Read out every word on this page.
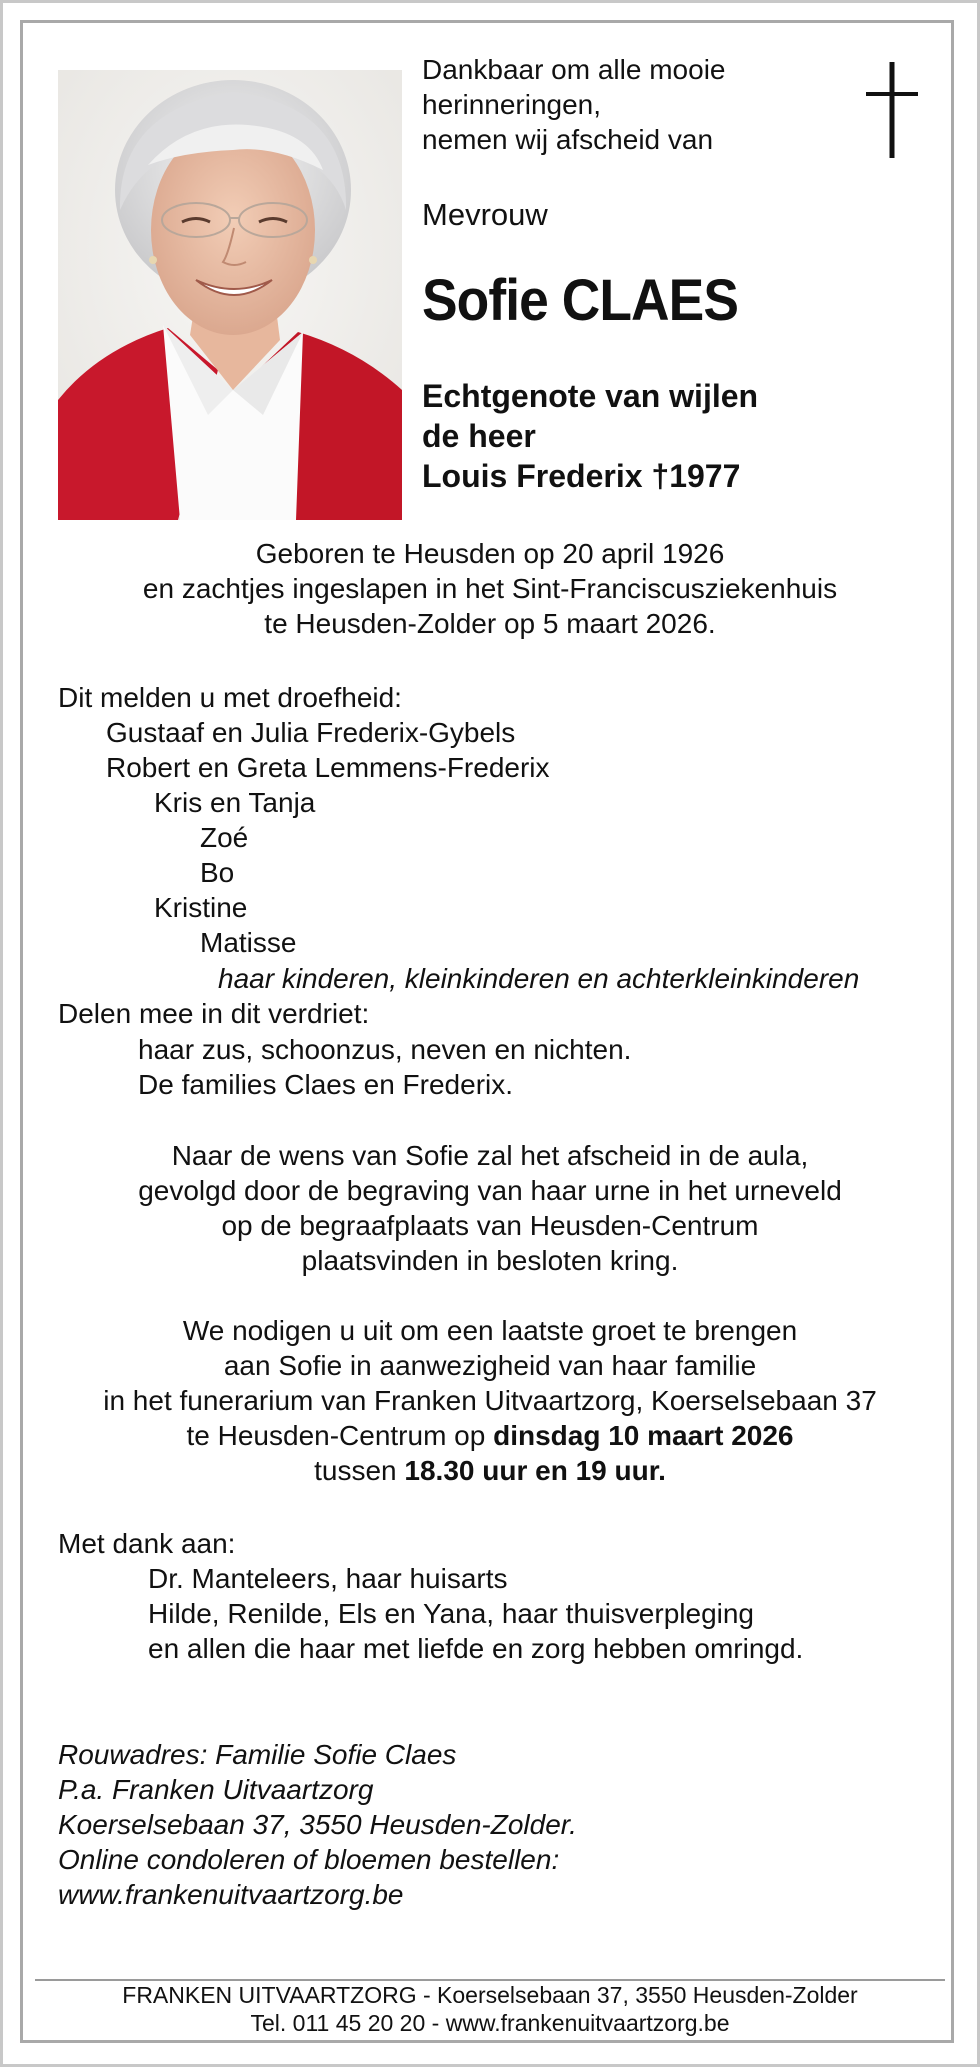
Dankbaar om alle mooie
herinneringen,
nemen wij afscheid van
Mevrouw
Sofie CLAES
Echtgenote van wijlen
de heer
Louis Frederix †1977
Geboren te Heusden op 20 april 1926
en zachtjes ingeslapen in het Sint-Franciscusziekenhuis
te Heusden-Zolder op 5 maart 2026.
Dit melden u met droefheid:
Gustaaf en Julia Frederix-Gybels
Robert en Greta Lemmens-Frederix
Kris en Tanja
Zoé
Bo
Kristine
Matisse
haar kinderen, kleinkinderen en achterkleinkinderen
Delen mee in dit verdriet:
haar zus, schoonzus, neven en nichten.
De families Claes en Frederix.
Naar de wens van Sofie zal het afscheid in de aula,
gevolgd door de begraving van haar urne in het urneveld
op de begraafplaats van Heusden-Centrum
plaatsvinden in besloten kring.
We nodigen u uit om een laatste groet te brengen
aan Sofie in aanwezigheid van haar familie
in het funerarium van Franken Uitvaartzorg, Koerselsebaan 37
te Heusden-Centrum op dinsdag 10 maart 2026
tussen 18.30 uur en 19 uur.
Met dank aan:
Dr. Manteleers, haar huisarts
Hilde, Renilde, Els en Yana, haar thuisverpleging
en allen die haar met liefde en zorg hebben omringd.
Rouwadres: Familie Sofie Claes
P.a. Franken Uitvaartzorg
Koerselsebaan 37, 3550 Heusden-Zolder.
Online condoleren of bloemen bestellen:
www.frankenuitvaartzorg.be
FRANKEN UITVAARTZORG - Koerselsebaan 37, 3550 Heusden-Zolder
Tel. 011 45 20 20 - www.frankenuitvaartzorg.be
